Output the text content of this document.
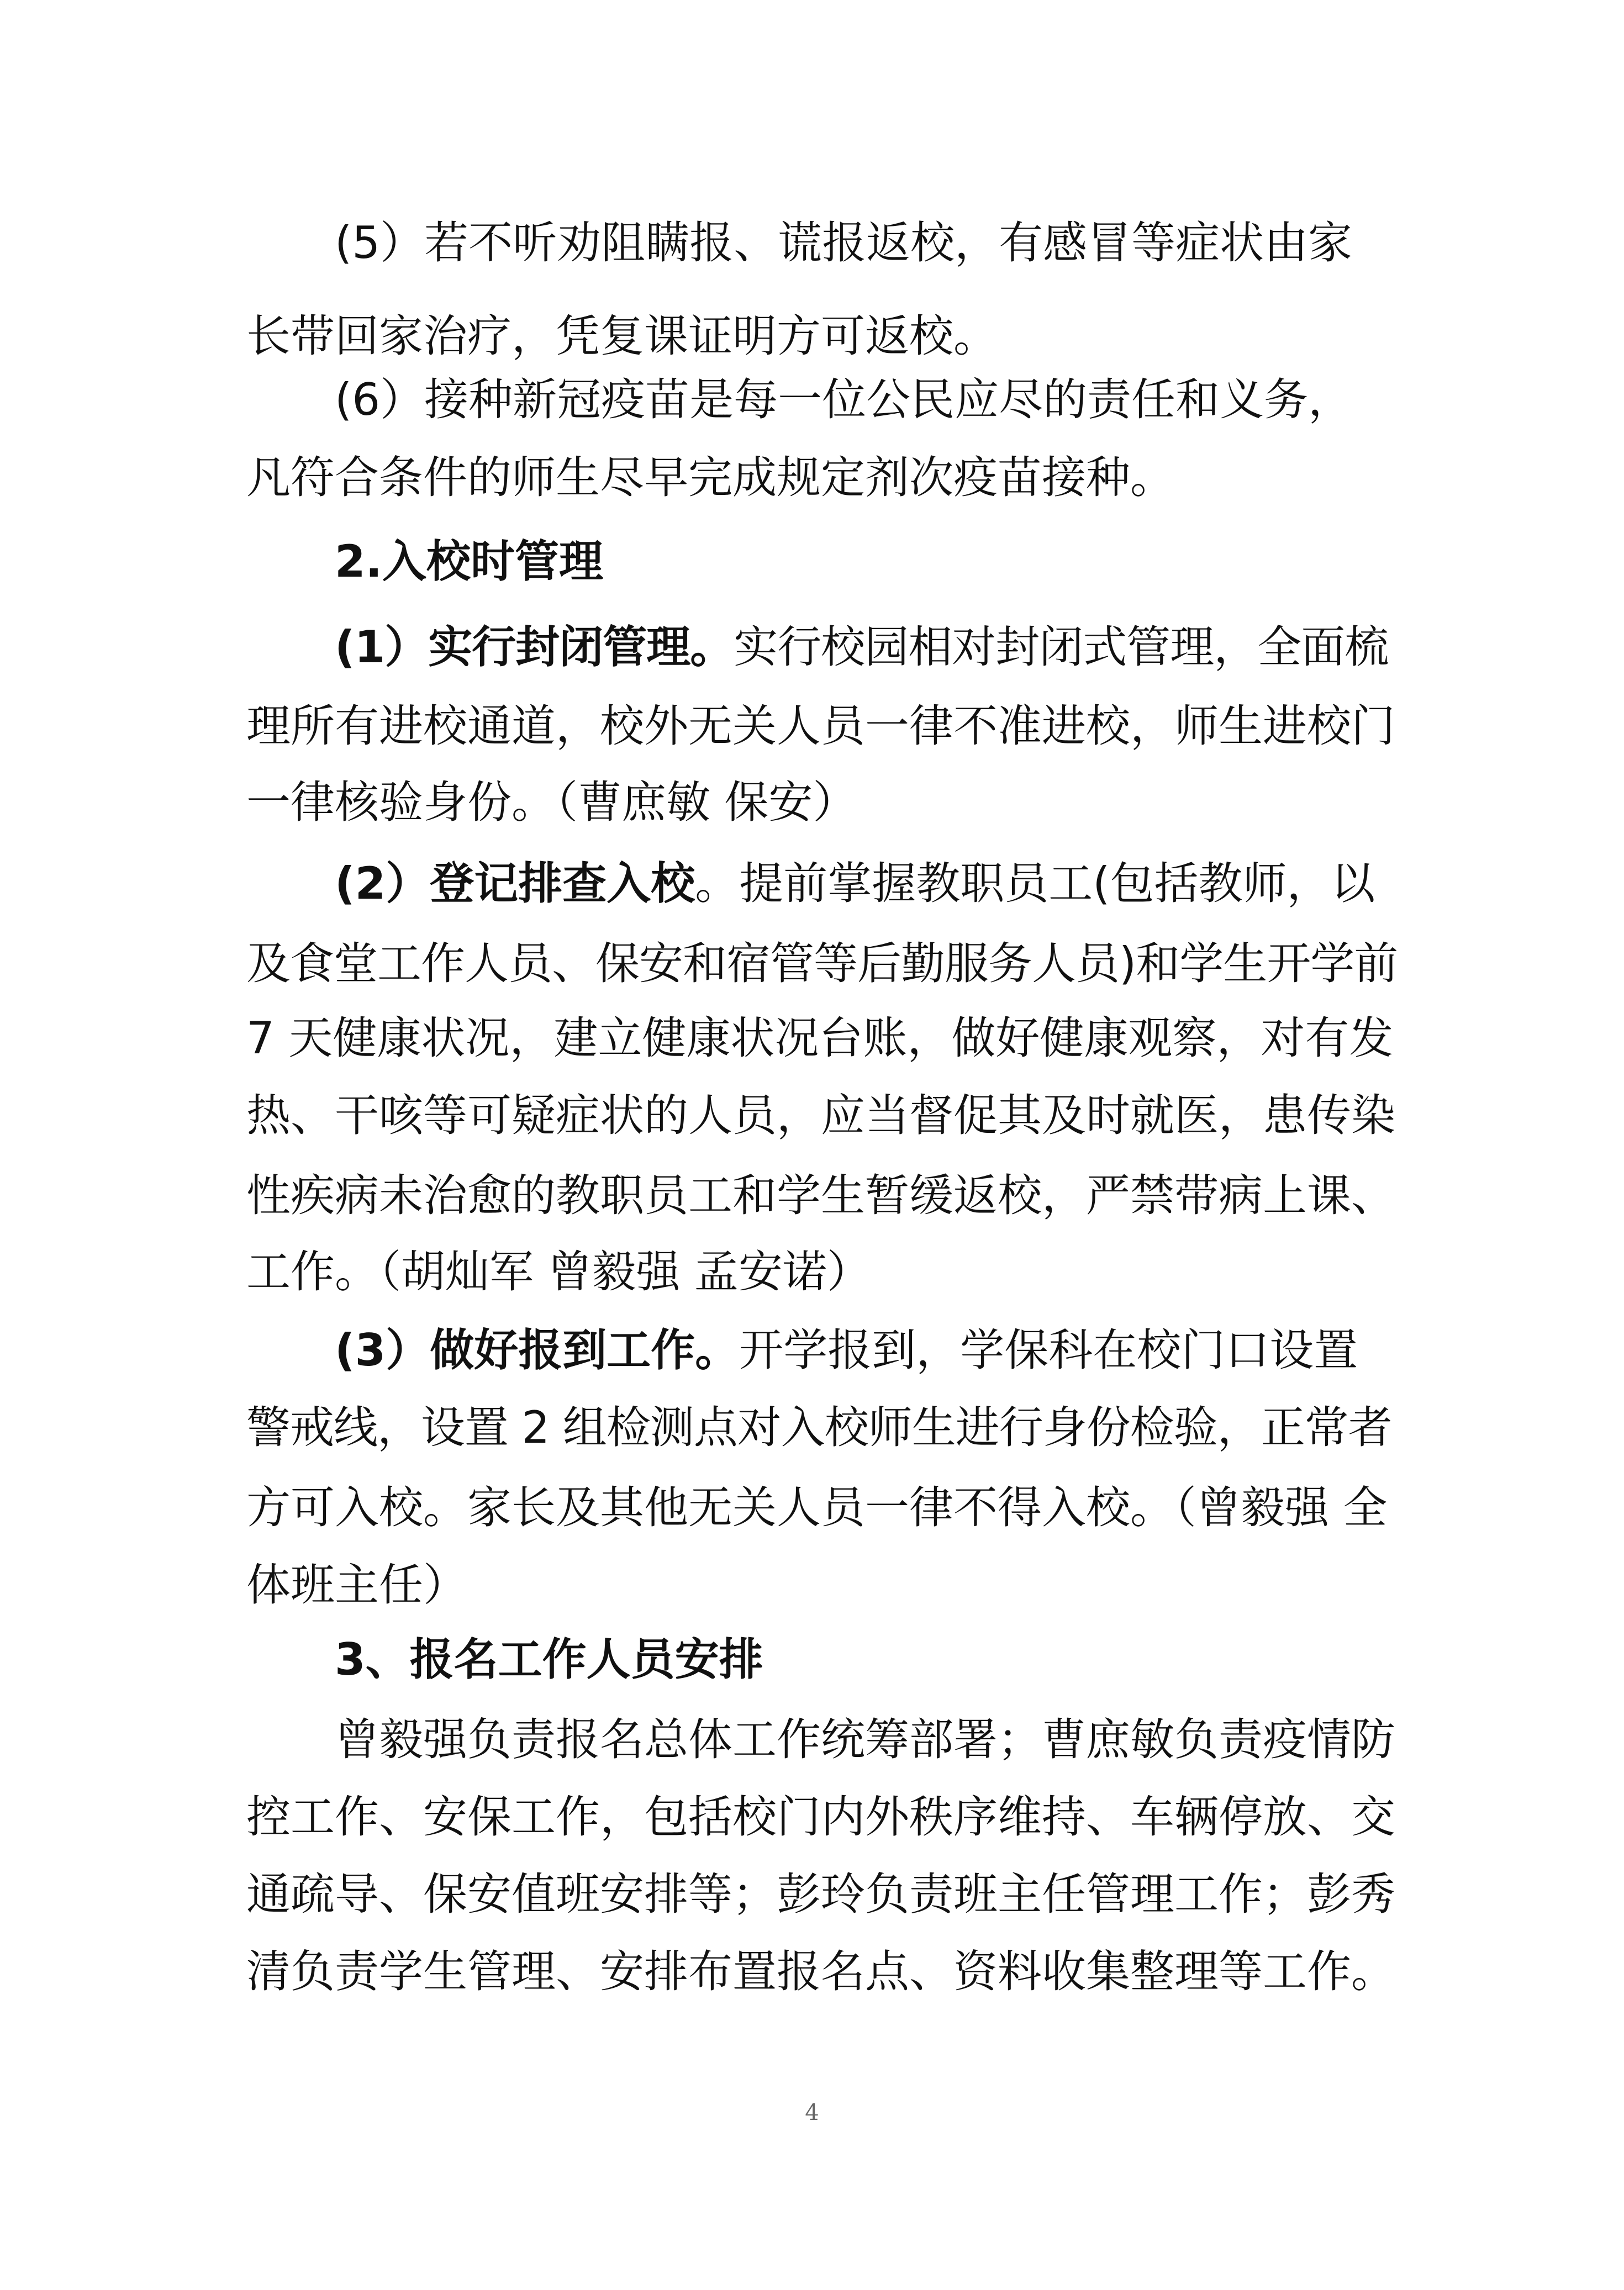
(5）若不听劝阻瞒报、谎报返校，有感冒等症状由家
长带回家治疗，凭复课证明方可返校。
(6）接种新冠疫苗是每一位公民应尽的责任和义务，
凡符合条件的师生尽早完成规定剂次疫苗接种。
2.入校时管理
(1）实行封闭管理。实行校园相对封闭式管理，全面梳
理所有进校通道，校外无关人员一律不准进校，师生进校门
一律核验身份。（曹庶敏 保安）
(2）登记排查入校。提前掌握教职员工(包括教师，以
及食堂工作人员、保安和宿管等后勤服务人员)和学生开学前
7 天健康状况，建立健康状况台账，做好健康观察，对有发
热、干咳等可疑症状的人员，应当督促其及时就医，患传染
性疾病未治愈的教职员工和学生暂缓返校，严禁带病上课、
工作。（胡灿军 曾毅强 孟安诺）
(3）做好报到工作。开学报到，学保科在校门口设置
警戒线，设置 2 组检测点对入校师生进行身份检验，正常者
方可入校。家长及其他无关人员一律不得入校。（曾毅强 全
体班主任）
3、报名工作人员安排
曾毅强负责报名总体工作统筹部署；曹庶敏负责疫情防
控工作、安保工作，包括校门内外秩序维持、车辆停放、交
通疏导、保安值班安排等；彭玲负责班主任管理工作；彭秀
清负责学生管理、安排布置报名点、资料收集整理等工作。
4
